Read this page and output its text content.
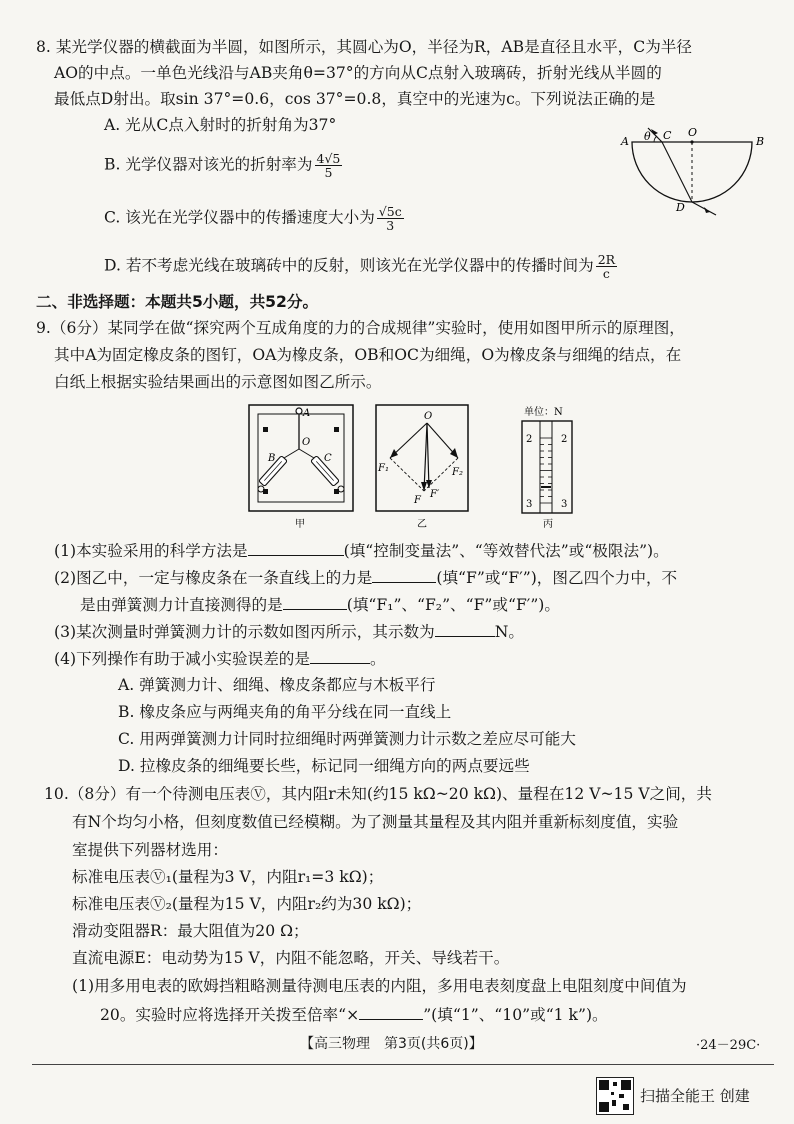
8. 某光学仪器的横截面为半圆，如图所示，其圆心为O，半径为R，AB是直径且水平，C为半径
AO的中点。一单色光线沿与AB夹角θ=37°的方向从C点射入玻璃砖，折射光线从半圆的
最低点D射出。取sin 37°=0.6，cos 37°=0.8，真空中的光速为c。下列说法正确的是
A. 光从C点入射时的折射角为37°
B. 光学仪器对该光的折射率为 $\frac{4√5}{5}$
C. 该光在光学仪器中的传播速度大小为 $\frac{√5c}{3}$
D. 若不考虑光线在玻璃砖中的反射，则该光在光学仪器中的传播时间为 $\frac{2R}{c}$
A θ C O
B
D
二、非选择题：本题共5小题，共52分。
9.（6分）某同学在做“探究两个互成角度的力的合成规律”实验时，使用如图甲所示的原理图，
其中A为固定橡皮条的图钉，OA为橡皮条，OB和OC为细绳，O为橡皮条与细绳的结点，在
白纸上根据实验结果画出的示意图如图乙所示。
A
O
B	C
甲
O
F₁	F₂
F
F′
乙
单位：N
2	2
3	3
丙
(1)本实验采用的科学方法是	(填“控制变量法”、“等效替代法”或“极限法”)。
(2)图乙中，一定与橡皮条在一条直线上的力是	(填“F”或“F′”)，图乙四个力中，不
是由弹簧测力计直接测得的是	(填“F₁”、“F₂”、“F”或“F′”)。
(3)某次测量时弹簧测力计的示数如图丙所示，其示数为	N。
(4)下列操作有助于减小实验误差的是	。
A. 弹簧测力计、细绳、橡皮条都应与木板平行
B. 橡皮条应与两绳夹角的角平分线在同一直线上
C. 用两弹簧测力计同时拉细绳时两弹簧测力计示数之差应尽可能大
D. 拉橡皮条的细绳要长些，标记同一细绳方向的两点要远些
10.（8分）有一个待测电压表Ⓥ，其内阻r未知(约15 kΩ~20 kΩ)、量程在12 V~15 V之间，共
有N个均匀小格，但刻度数值已经模糊。为了测量其量程及其内阻并重新标刻度值，实验
室提供下列器材选用：
标准电压表Ⓥ₁(量程为3 V，内阻r₁=3 kΩ)；
标准电压表Ⓥ₂(量程为15 V，内阻r₂约为30 kΩ)；
滑动变阻器R：最大阻值为20 Ω；
直流电源E：电动势为15 V，内阻不能忽略，开关、导线若干。
(1)用多用电表的欧姆挡粗略测量待测电压表的内阻，多用电表刻度盘上电阻刻度中间值为
20。实验时应将选择开关拨至倍率“×	”(填“1”、“10”或“1 k”)。
【高三物理　第3页(共6页)】	·24－29C·
扫描全能王 创建
